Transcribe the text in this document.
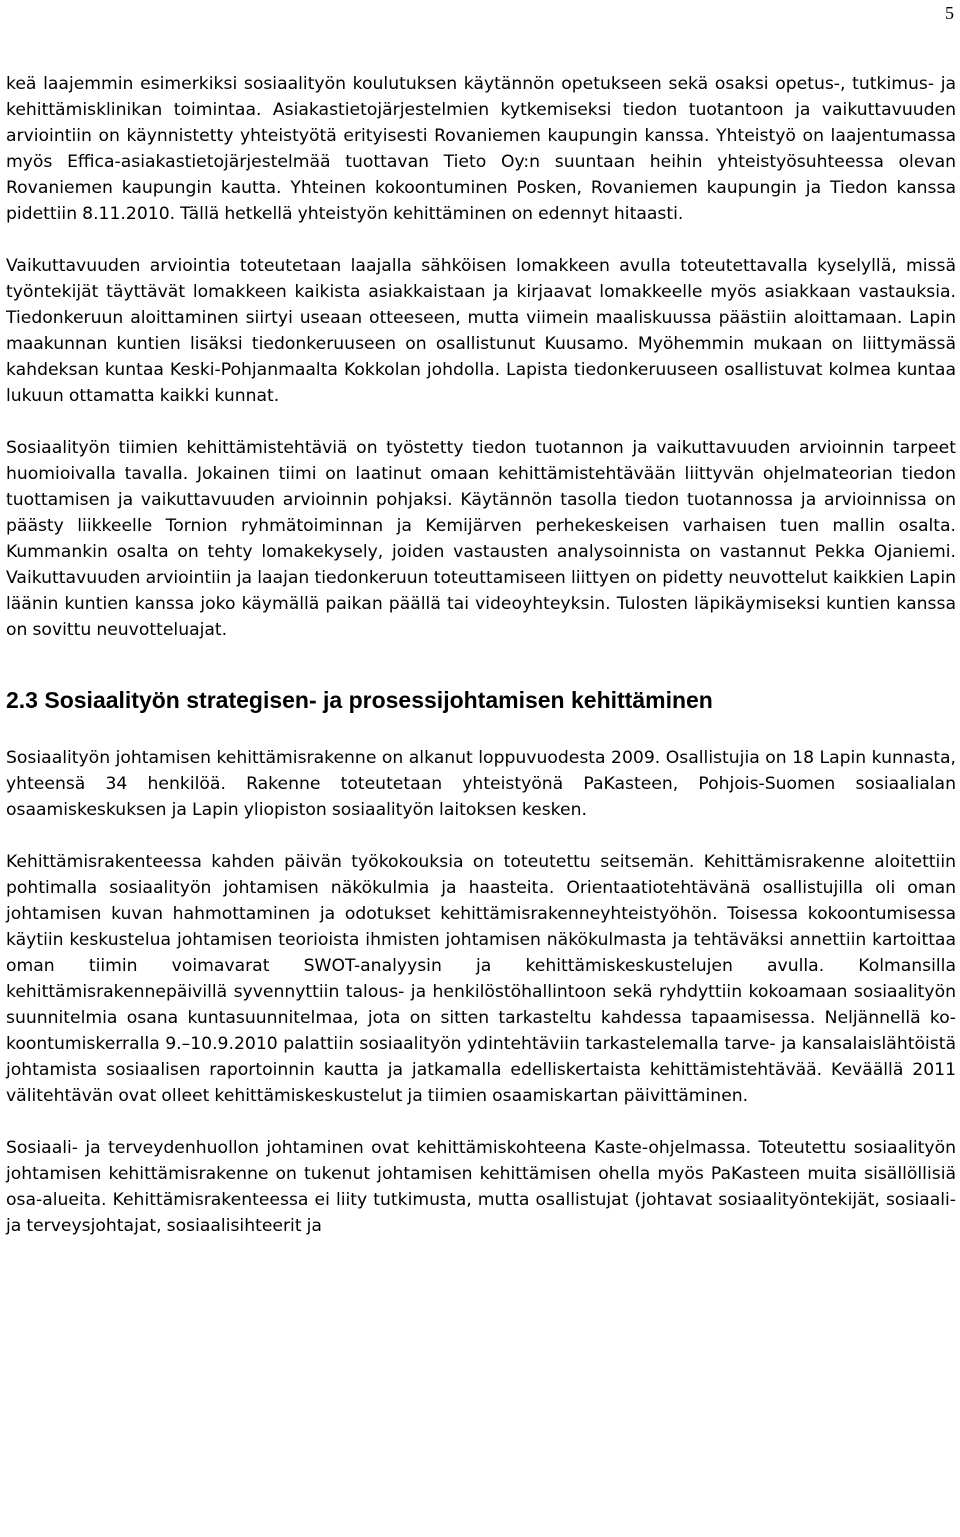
5

keä laajemmin esimerkiksi sosiaalityön koulutuksen käytännön opetukseen sekä osaksi opetus-, tutkimus- ja kehittämisklinikan toimintaa. Asiakastietojärjestelmien kytkemiseksi tiedon tuotantoon ja vaikuttavuuden arviointiin on käynnistetty yhteistyötä erityisesti Rovaniemen kaupungin kanssa. Yhteistyö on laajentumassa myös Effica-asiakastietojärjestelmää tuottavan Tieto Oy:n suuntaan heihin yhteistyösuhteessa olevan Rovaniemen kaupungin kautta. Yhteinen kokoontuminen Posken, Rovaniemen kaupungin ja Tiedon kanssa pidettiin 8.11.2010. Tällä hetkellä yhteistyön kehittäminen on edennyt hitaasti.

Vaikuttavuuden arviointia toteutetaan laajalla sähköisen lomakkeen avulla toteutettavalla kyselyllä, missä työntekijät täyttävät lomakkeen kaikista asiakkaistaan ja kirjaavat lomakkeelle myös asiakkaan vastauksia. Tiedonkeruun aloittaminen siirtyi useaan otteeseen, mutta viimein maaliskuussa päästiin aloittamaan. Lapin maakunnan kuntien lisäksi tiedonkeruuseen on osallistunut Kuusamo. Myöhemmin mukaan on liittymässä kahdeksan kuntaa Keski-Pohjanmaalta Kokkolan johdolla. Lapista tiedonkeruuseen osallistuvat kolmea kuntaa lukuun ottamatta kaikki kunnat.

Sosiaalityön tiimien kehittämistehtäviä on työstetty tiedon tuotannon ja vaikuttavuuden arvioinnin tarpeet huomioivalla tavalla. Jokainen tiimi on laatinut omaan kehittämistehtävään liittyvän ohjelmateorian tiedon tuottamisen ja vaikuttavuuden arvioinnin pohjaksi. Käytännön tasolla tiedon tuotannossa ja arvioinnissa on päästy liikkeelle Tornion ryhmätoiminnan ja Kemijärven perhekeskeisen varhaisen tuen mallin osalta. Kummankin osalta on tehty lomakekysely, joiden vastausten analysoinnista on vastannut Pekka Ojaniemi. Vaikuttavuuden arviointiin ja laajan tiedonkeruun toteuttamiseen liittyen on pidetty neuvottelut kaikkien Lapin läänin kuntien kanssa joko käymällä paikan päällä tai videoyhteyksin. Tulosten läpikäymiseksi kuntien kanssa on sovittu neuvotteluajat.

2.3 Sosiaalityön strategisen- ja prosessijohtamisen kehittäminen

Sosiaalityön johtamisen kehittämisrakenne on alkanut loppuvuodesta 2009. Osallistujia on 18 Lapin kunnasta, yhteensä 34 henkilöä. Rakenne toteutetaan yhteistyönä PaKasteen, Pohjois-Suomen sosiaalialan osaamiskeskuksen ja Lapin yliopiston sosiaalityön laitoksen kesken.

Kehittämisrakenteessa kahden päivän työkokouksia on toteutettu seitsemän. Kehittämisrakenne aloitettiin pohtimalla sosiaalityön johtamisen näkökulmia ja haasteita. Orientaatiotehtävänä osallistujilla oli oman johtamisen kuvan hahmottaminen ja odotukset kehittämisrakenneyhteistyöhön. Toisessa kokoontumisessa käytiin keskustelua johtamisen teorioista ihmisten johtamisen näkökulmasta ja tehtäväksi annettiin kartoittaa oman tiimin voimavarat SWOT-analyysin ja kehittämiskeskustelujen avulla. Kolmansilla kehittämisrakennepäivillä syvennyttiin talous- ja henkilöstöhallintoon sekä ryhdyttiin kokoamaan sosiaalityön suunnitelmia osana kuntasuunnitelmaa, jota on sitten tarkasteltu kahdessa tapaamisessa. Neljännellä kokoontumiskerralla 9.–10.9.2010 palattiin sosiaalityön ydintehtäviin tarkastelemalla tarve- ja kansalaislähtöistä johtamista sosiaalisen raportoinnin kautta ja jatkamalla edelliskertaista kehittämistehtävää. Keväällä 2011 välitehtävän ovat olleet kehittämiskeskustelut ja tiimien osaamiskartan päivittäminen.

Sosiaali- ja terveydenhuollon johtaminen ovat kehittämiskohteena Kaste-ohjelmassa. Toteutettu sosiaalityön johtamisen kehittämisrakenne on tukenut johtamisen kehittämisen ohella myös PaKasteen muita sisällöllisiä osa-alueita. Kehittämisrakenteessa ei liity tutkimusta, mutta osallistujat (johtavat sosiaalityöntekijät, sosiaali- ja terveysjohtajat, sosiaalisihteerit ja
